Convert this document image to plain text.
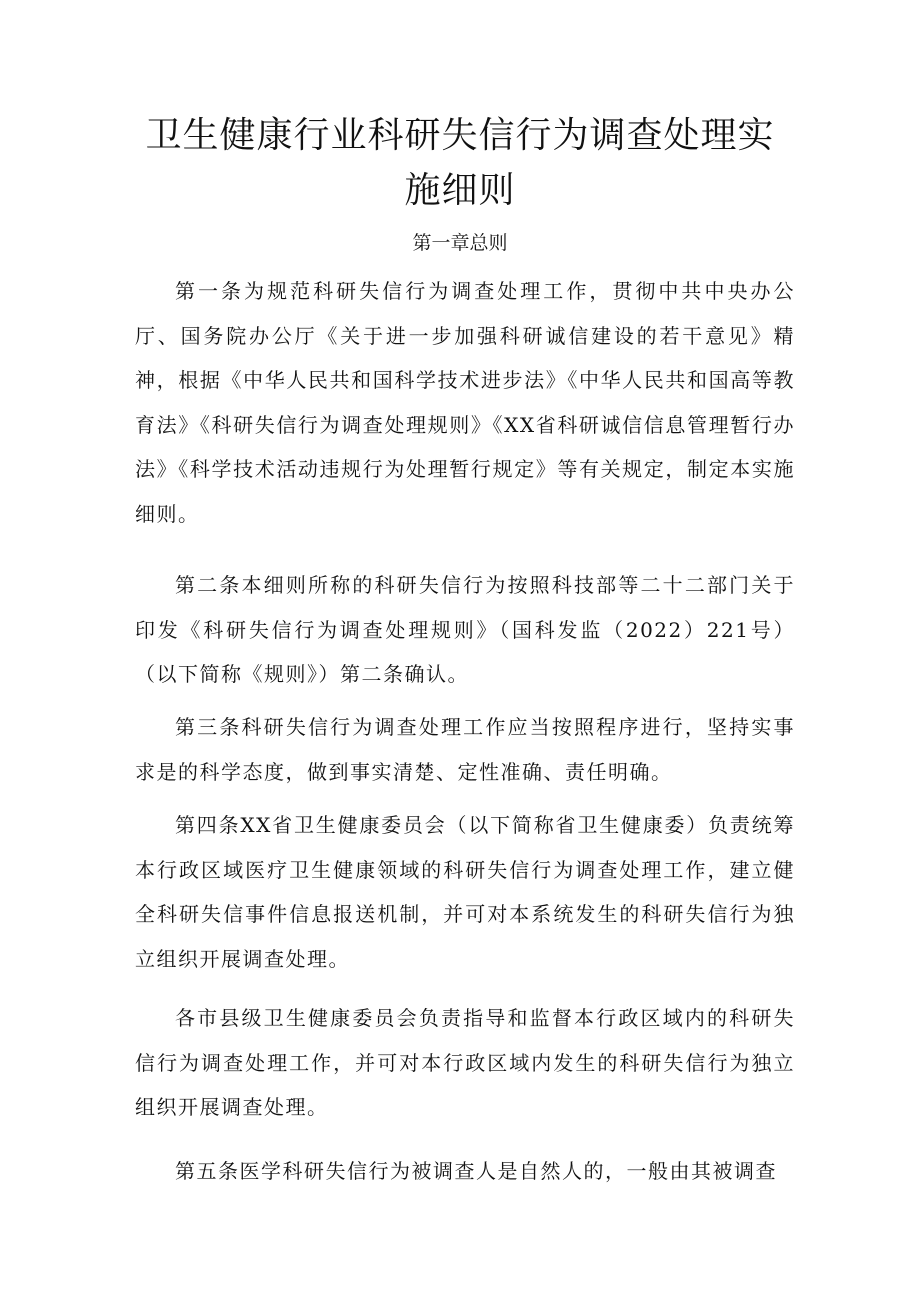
卫生健康行业科研失信行为调查处理实施细则
第一章总则

第一条为规范科研失信行为调查处理工作，贯彻中共中央办公厅、国务院办公厅《关于进一步加强科研诚信建设的若干意见》精神，根据《中华人民共和国科学技术进步法》《中华人民共和国高等教育法》《科研失信行为调查处理规则》《XX省科研诚信信息管理暂行办法》《科学技术活动违规行为处理暂行规定》等有关规定，制定本实施细则。

第二条本细则所称的科研失信行为按照科技部等二十二部门关于印发《科研失信行为调查处理规则》（国科发监（2022）221号）（以下简称《规则》）第二条确认。

第三条科研失信行为调查处理工作应当按照程序进行，坚持实事求是的科学态度，做到事实清楚、定性准确、责任明确。

第四条XX省卫生健康委员会（以下简称省卫生健康委）负责统筹本行政区域医疗卫生健康领域的科研失信行为调查处理工作，建立健全科研失信事件信息报送机制，并可对本系统发生的科研失信行为独立组织开展调查处理。

各市县级卫生健康委员会负责指导和监督本行政区域内的科研失信行为调查处理工作，并可对本行政区域内发生的科研失信行为独立组织开展调查处理。

第五条医学科研失信行为被调查人是自然人的，一般由其被调查
